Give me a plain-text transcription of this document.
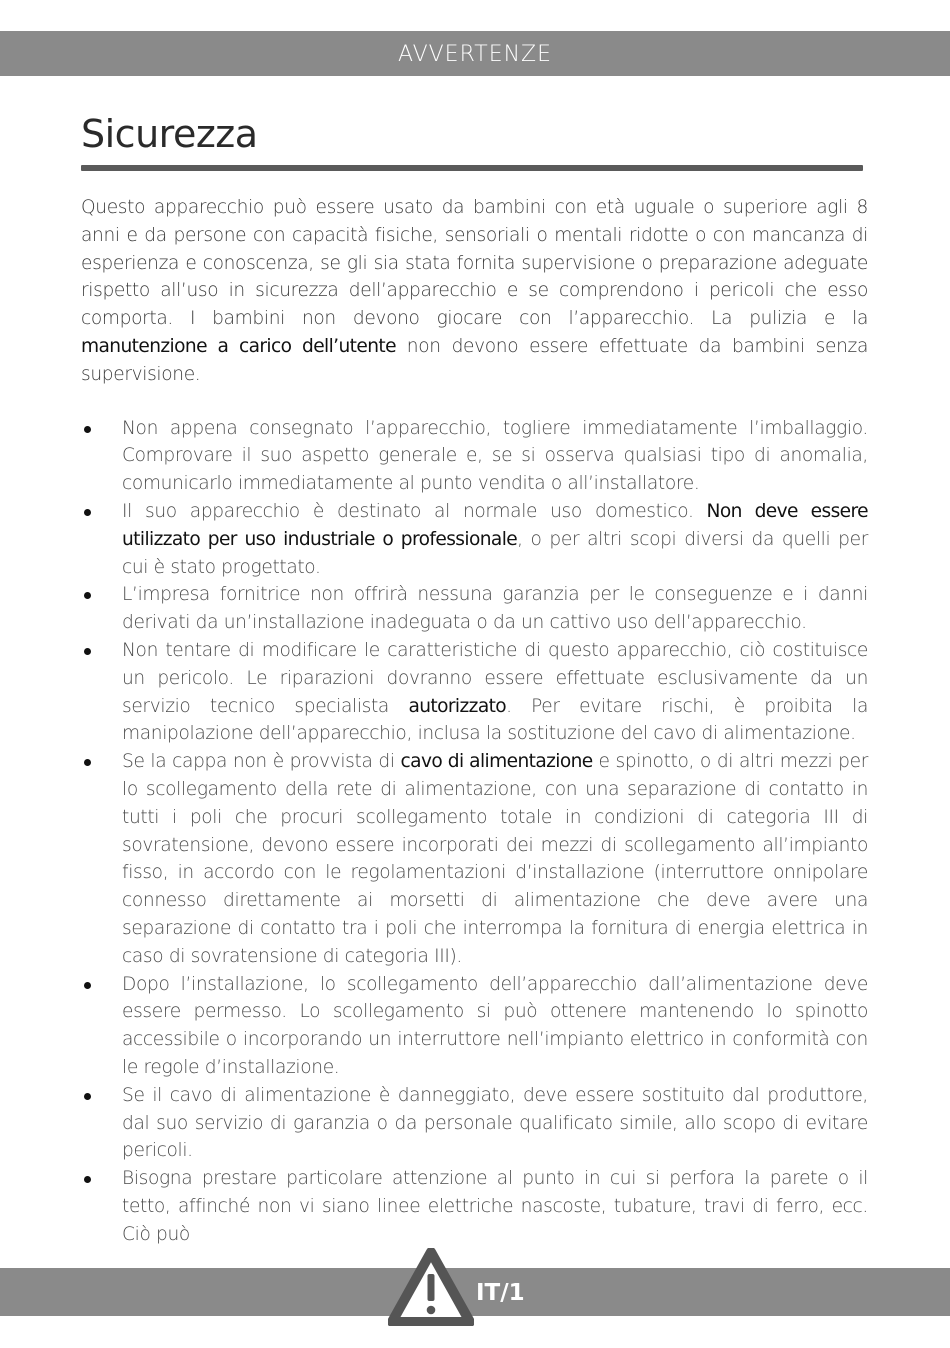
AVVERTENZE
Sicurezza

Questo apparecchio può essere usato da bambini con età uguale o superiore agli 8 anni e da persone con capacità fisiche, sensoriali o mentali ridotte o con mancanza di esperienza e conoscenza, se gli sia stata fornita supervisione o preparazione adeguate rispetto all’uso in sicurezza dell’apparecchio e se comprendono i pericoli che esso comporta. I bambini non devono giocare con l’apparecchio. La pulizia e la manutenzione a carico dell’utente non devono essere effettuate da bambini senza supervisione.

Non appena consegnato l’apparecchio, togliere immediatamente l’imballaggio. Comprovare il suo aspetto generale e, se si osserva qualsiasi tipo di anomalia, comunicarlo immediatamente al punto vendita o all’installatore.
Il suo apparecchio è destinato al normale uso domestico. Non deve essere utilizzato per uso industriale o professionale, o per altri scopi diversi da quelli per cui è stato progettato.
L’impresa fornitrice non offrirà nessuna garanzia per le conseguenze e i danni derivati da un’installazione inadeguata o da un cattivo uso dell’apparecchio.
Non tentare di modificare le caratteristiche di questo apparecchio, ciò costituisce un pericolo. Le riparazioni dovranno essere effettuate esclusivamente da un servizio tecnico specialista autorizzato. Per evitare rischi, è proibita la manipolazione dell’apparecchio, inclusa la sostituzione del cavo di alimentazione.
Se la cappa non è provvista di cavo di alimentazione e spinotto, o di altri mezzi per lo scollegamento della rete di alimentazione, con una separazione di contatto in tutti i poli che procuri scollegamento totale in condizioni di categoria III di sovratensione, devono essere incorporati dei mezzi di scollegamento all’impianto fisso, in accordo con le regolamentazioni d’installazione (interruttore onnipolare connesso direttamente ai morsetti di alimentazione che deve avere una separazione di contatto tra i poli che interrompa la fornitura di energia elettrica in caso di sovratensione di categoria III).
Dopo l’installazione, lo scollegamento dell’apparecchio dall’alimentazione deve essere permesso. Lo scollegamento si può ottenere mantenendo lo spinotto accessibile o incorporando un interruttore nell’impianto elettrico in conformità con le regole d’installazione.
Se il cavo di alimentazione è danneggiato, deve essere sostituito dal produttore, dal suo servizio di garanzia o da personale qualificato simile, allo scopo di evitare pericoli.
Bisogna prestare particolare attenzione al punto in cui si perfora la parete o il tetto, affinché non vi siano linee elettriche nascoste, tubature, travi di ferro, ecc. Ciò può
IT/1
